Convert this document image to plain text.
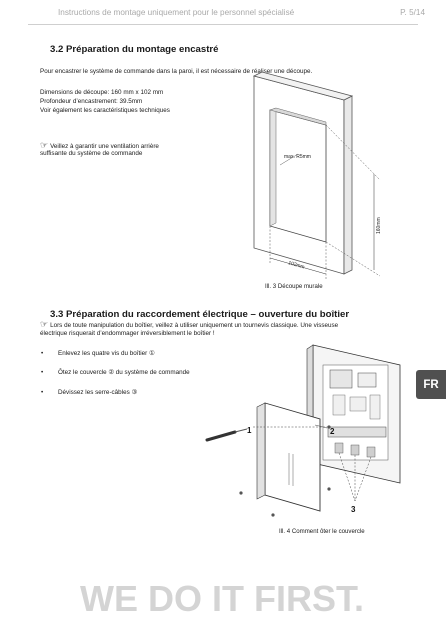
Instructions de montage uniquement pour le personnel spécialisé	P. 5/14
3.2 Préparation du montage encastré
Pour encastrer le système de commande dans la paroi, il est nécessaire de réaliser une découpe.
Dimensions de découpe: 160 mm x 102 mm
Profondeur d’encastrement: 39.5mm
Voir également les caractéristiques techniques
☞ Veillez à garantir une ventilation arrière
suffisante du système de commande	max. R5mm
160mm
102mm
Ill. 3 Découpe murale
3.3 Préparation du raccordement électrique – ouverture du boîtier
☞ Lors de toute manipulation du boîtier, veillez à utiliser uniquement un tournevis classique. Une visseuse
électrique risquerait d’endommager irréversiblement le boîtier !
• Enlevez les quatre vis du boîtier ①
• Ôtez le couvercle ② du système de commande
• Dévissez les serre-câbles ③
1	2
3
Ill. 4 Comment ôter le couvercle
FR
WE DO IT FIRST.
